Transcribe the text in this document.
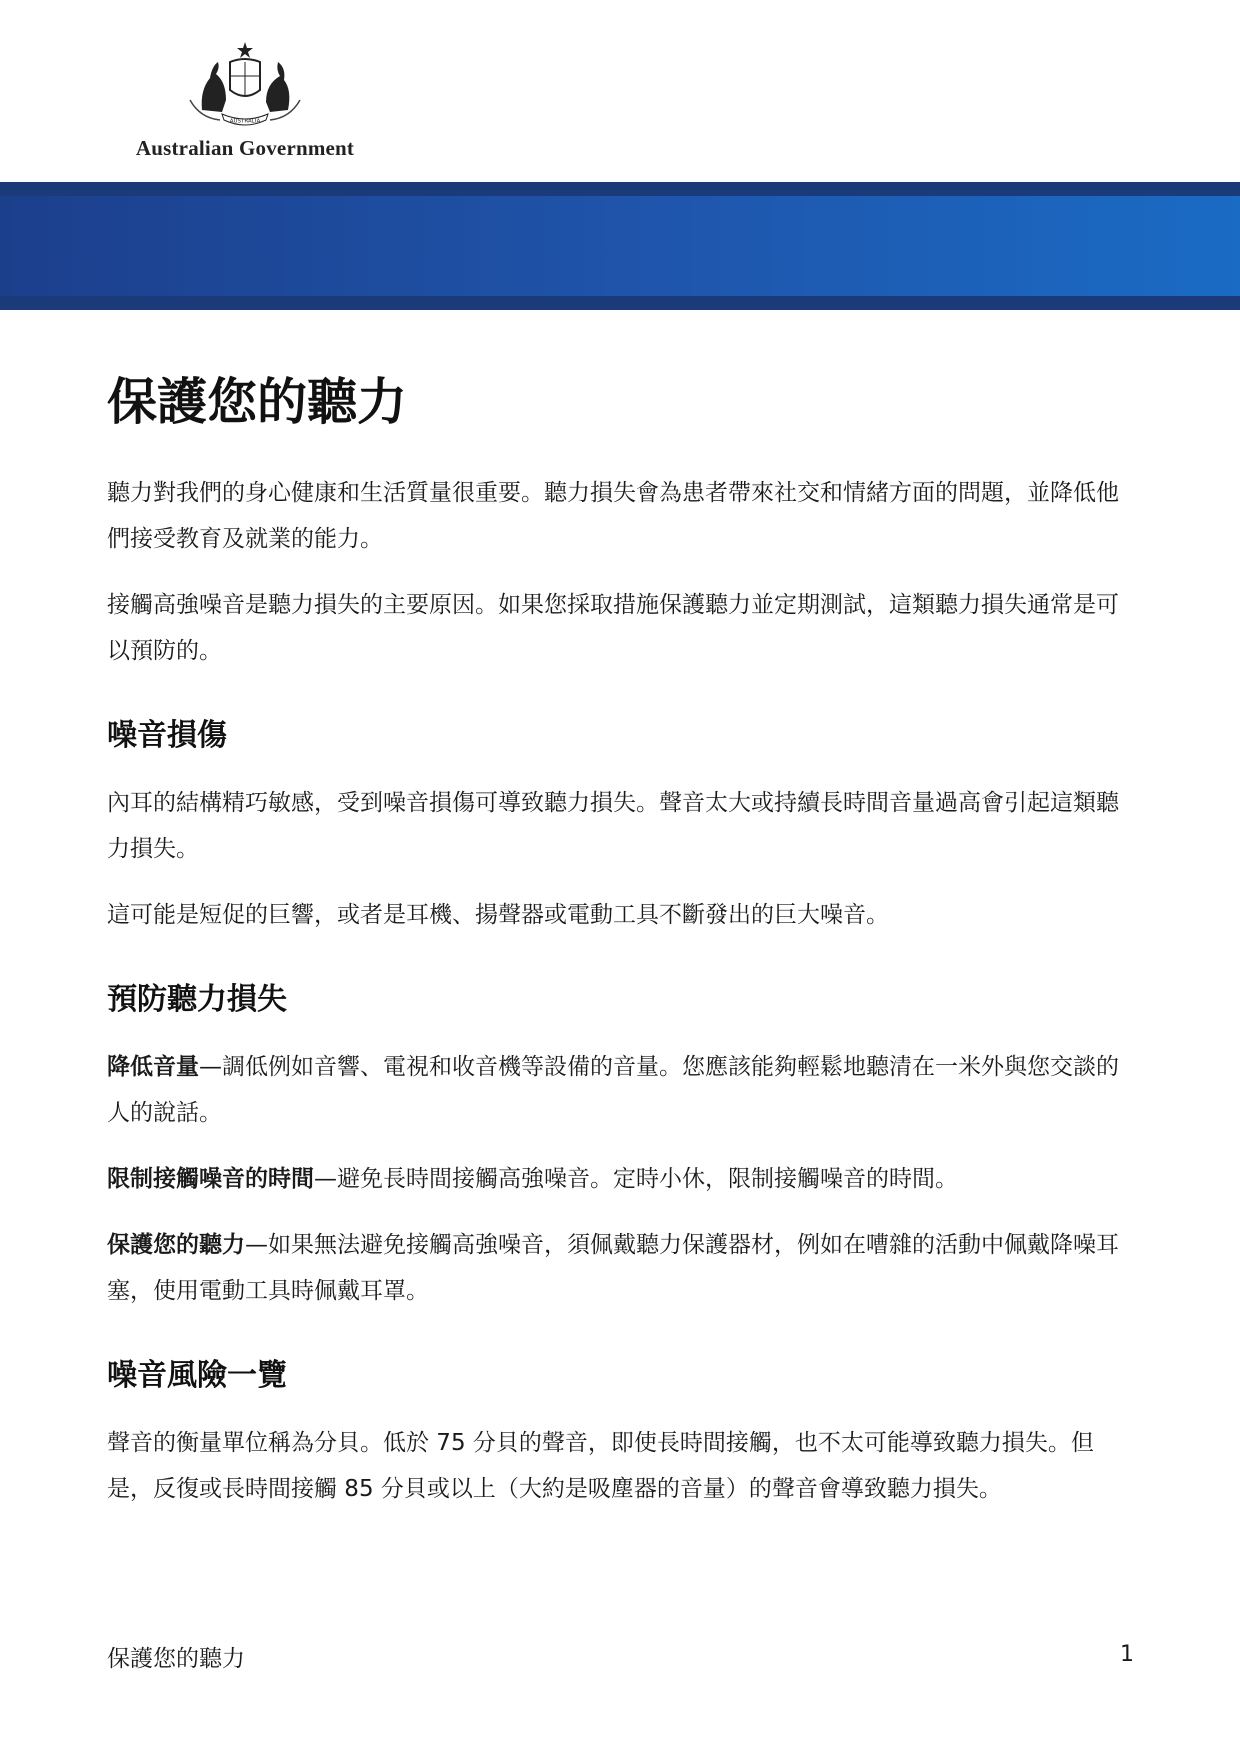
AUSTRALIA
Australian Government
保護您的聽力

聽力對我們的身心健康和生活質量很重要。聽力損失會為患者帶來社交和情緒方面的問題，並降低他們接受教育及就業的能力。

接觸高強噪音是聽力損失的主要原因。如果您採取措施保護聽力並定期測試，這類聽力損失通常是可以預防的。

噪音損傷

內耳的結構精巧敏感，受到噪音損傷可導致聽力損失。聲音太大或持續長時間音量過高會引起這類聽力損失。

這可能是短促的巨響，或者是耳機、揚聲器或電動工具不斷發出的巨大噪音。

預防聽力損失

降低音量—調低例如音響、電視和收音機等設備的音量。您應該能夠輕鬆地聽清在一米外與您交談的人的說話。

限制接觸噪音的時間—避免長時間接觸高強噪音。定時小休，限制接觸噪音的時間。

保護您的聽力—如果無法避免接觸高強噪音，須佩戴聽力保護器材，例如在嘈雜的活動中佩戴降噪耳塞，使用電動工具時佩戴耳罩。

噪音風險一覽

聲音的衡量單位稱為分貝。低於 75 分貝的聲音，即使長時間接觸，也不太可能導致聽力損失。但是，反復或長時間接觸 85 分貝或以上（大約是吸塵器的音量）的聲音會導致聽力損失。

保護您的聽力	1
